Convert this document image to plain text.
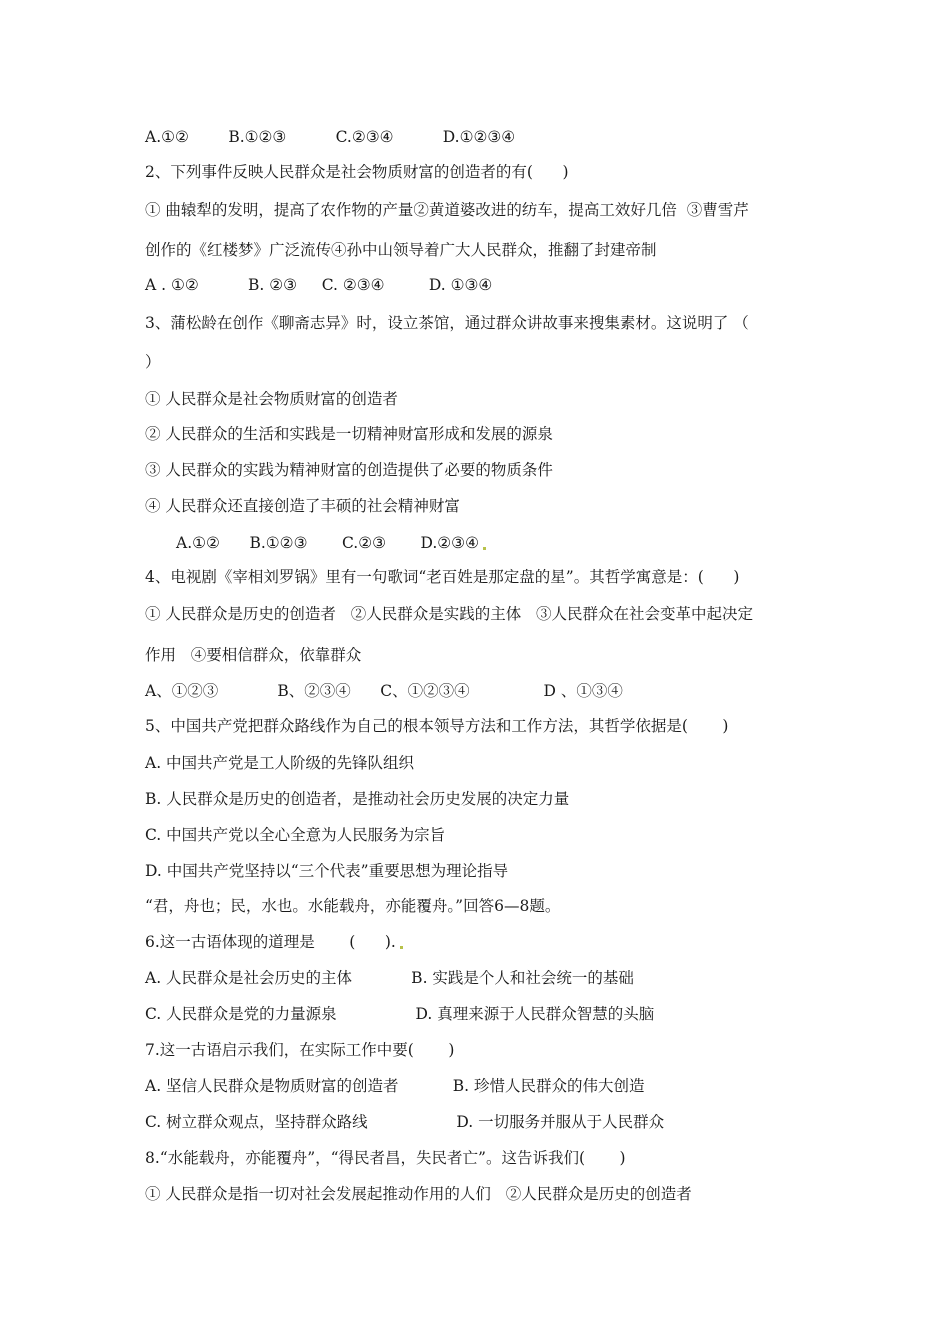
A.①②        B.①②③          C.②③④          D.①②③④
2、下列事件反映人民群众是社会物质财富的创造者的有(      )
① 曲辕犁的发明，提高了农作物的产量②黄道婆改进的纺车，提高工效好几倍  ③曹雪芹
创作的《红楼梦》广泛流传④孙中山领导着广大人民群众，推翻了封建帝制
A . ①②          B. ②③     C. ②③④         D. ①③④
3、蒲松龄在创作《聊斋志异》时，设立茶馆，通过群众讲故事来搜集素材。这说明了 （
）
① 人民群众是社会物质财富的创造者
② 人民群众的生活和实践是一切精神财富形成和发展的源泉
③ 人民群众的实践为精神财富的创造提供了必要的物质条件
④ 人民群众还直接创造了丰硕的社会精神财富
A.①②      B.①②③       C.②③       D.②③④
4、电视剧《宰相刘罗锅》里有一句歌词“老百姓是那定盘的星”。其哲学寓意是：(      )
① 人民群众是历史的创造者   ②人民群众是实践的主体   ③人民群众在社会变革中起决定
作用   ④要相信群众，依靠群众
A、①②③            B、②③④      C、①②③④               D 、①③④
5、中国共产党把群众路线作为自己的根本领导方法和工作方法，其哲学依据是(       )
A. 中国共产党是工人阶级的先锋队组织
B. 人民群众是历史的创造者，是推动社会历史发展的决定力量
C. 中国共产党以全心全意为人民服务为宗旨
D. 中国共产党坚持以“三个代表”重要思想为理论指导
“君，舟也；民，水也。水能载舟，亦能覆舟。”回答6—8题。
6.这一古语体现的道理是       (      ).
A. 人民群众是社会历史的主体            B. 实践是个人和社会统一的基础
C. 人民群众是党的力量源泉                D. 真理来源于人民群众智慧的头脑
7.这一古语启示我们，在实际工作中要(       )
A. 坚信人民群众是物质财富的创造者           B. 珍惜人民群众的伟大创造
C. 树立群众观点，坚持群众路线                  D. 一切服务并服从于人民群众
8.“水能载舟，亦能覆舟”，“得民者昌，失民者亡”。这告诉我们(       )
① 人民群众是指一切对社会发展起推动作用的人们   ②人民群众是历史的创造者
